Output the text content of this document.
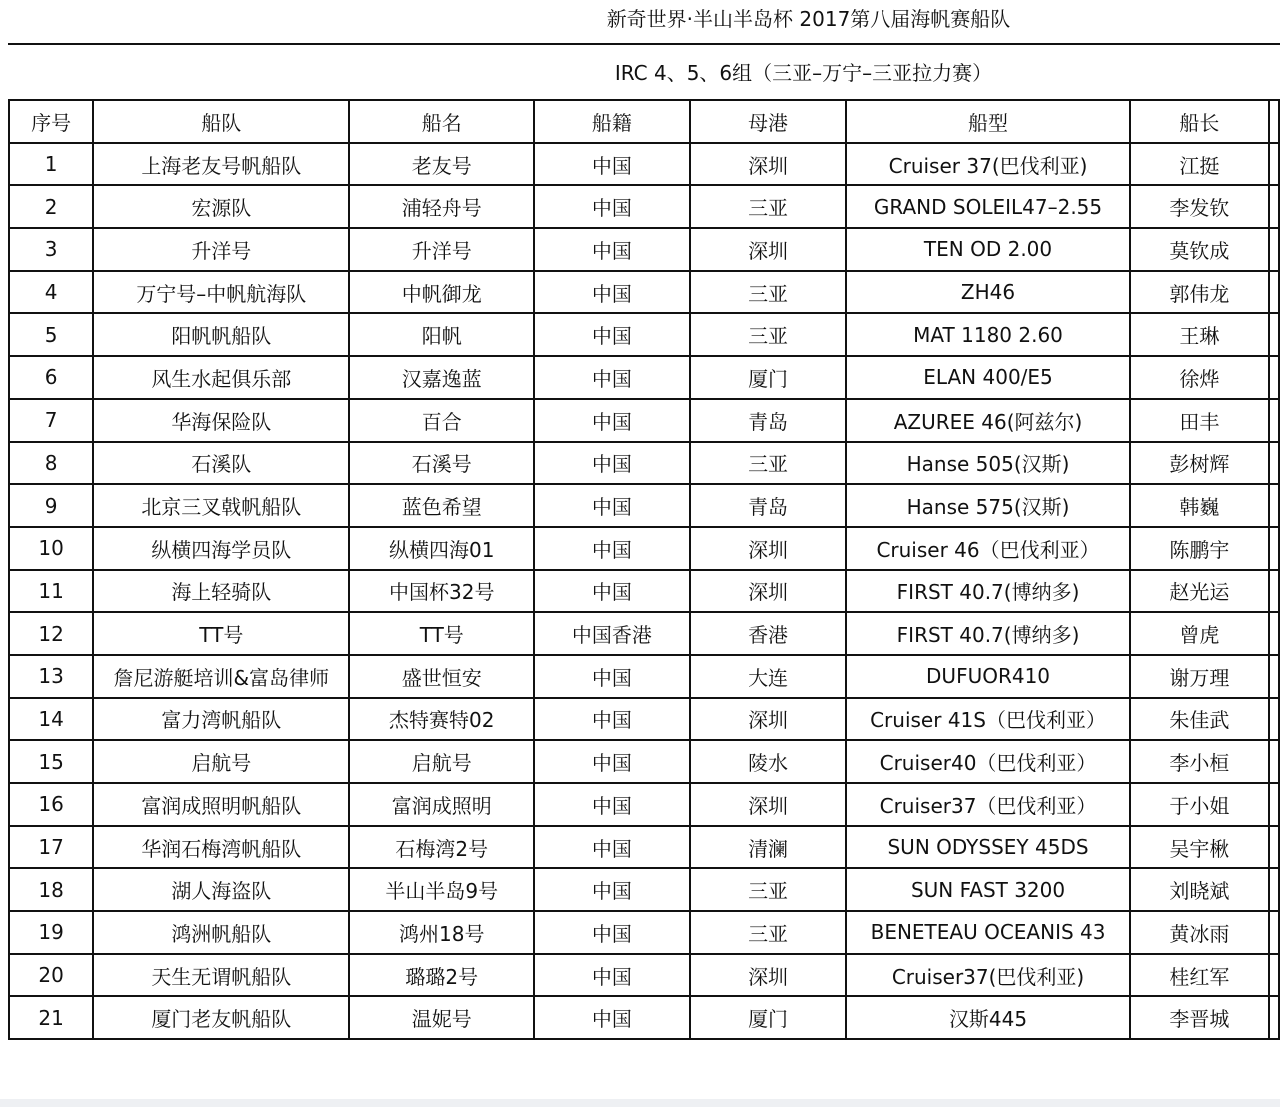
新奇世界·半山半岛杯 2017第八届海帆赛船队
IRC 4、5、6组（三亚–万宁–三亚拉力赛）
序号	船队	船名	船籍	母港	船型	船长	
1	上海老友号帆船队	老友号	中国	深圳	Cruiser 37(巴伐利亚)	江挺	
2	宏源队	浦轻舟号	中国	三亚	GRAND SOLEIL47–2.55	李发钦	
3	升洋号	升洋号	中国	深圳	TEN OD 2.00	莫钦成	
4	万宁号–中帆航海队	中帆御龙	中国	三亚	ZH46	郭伟龙	
5	阳帆帆船队	阳帆	中国	三亚	MAT 1180 2.60	王琳	
6	风生水起俱乐部	汉嘉逸蓝	中国	厦门	ELAN 400/E5	徐烨	
7	华海保险队	百合	中国	青岛	AZUREE 46(阿兹尔)	田丰	
8	石溪队	石溪号	中国	三亚	Hanse 505(汉斯)	彭树辉	
9	北京三叉戟帆船队	蓝色希望	中国	青岛	Hanse 575(汉斯)	韩巍	
10	纵横四海学员队	纵横四海01	中国	深圳	Cruiser 46（巴伐利亚）	陈鹏宇	
11	海上轻骑队	中国杯32号	中国	深圳	FIRST 40.7(博纳多)	赵光运	
12	TT号	TT号	中国香港	香港	FIRST 40.7(博纳多)	曾虎	
13	詹尼游艇培训&富岛律师	盛世恒安	中国	大连	DUFUOR410	谢万理	
14	富力湾帆船队	杰特赛特02	中国	深圳	Cruiser 41S（巴伐利亚）	朱佳武	
15	启航号	启航号	中国	陵水	Cruiser40（巴伐利亚）	李小桓	
16	富润成照明帆船队	富润成照明	中国	深圳	Cruiser37（巴伐利亚）	于小姐	
17	华润石梅湾帆船队	石梅湾2号	中国	清澜	SUN ODYSSEY 45DS	吴宇楸	
18	湖人海盗队	半山半岛9号	中国	三亚	SUN FAST 3200	刘晓斌	
19	鸿洲帆船队	鸿州18号	中国	三亚	BENETEAU OCEANIS 43	黄冰雨	
20	天生无谓帆船队	璐璐2号	中国	深圳	Cruiser37(巴伐利亚)	桂红军	
21	厦门老友帆船队	温妮号	中国	厦门	汉斯445	李晋城	
